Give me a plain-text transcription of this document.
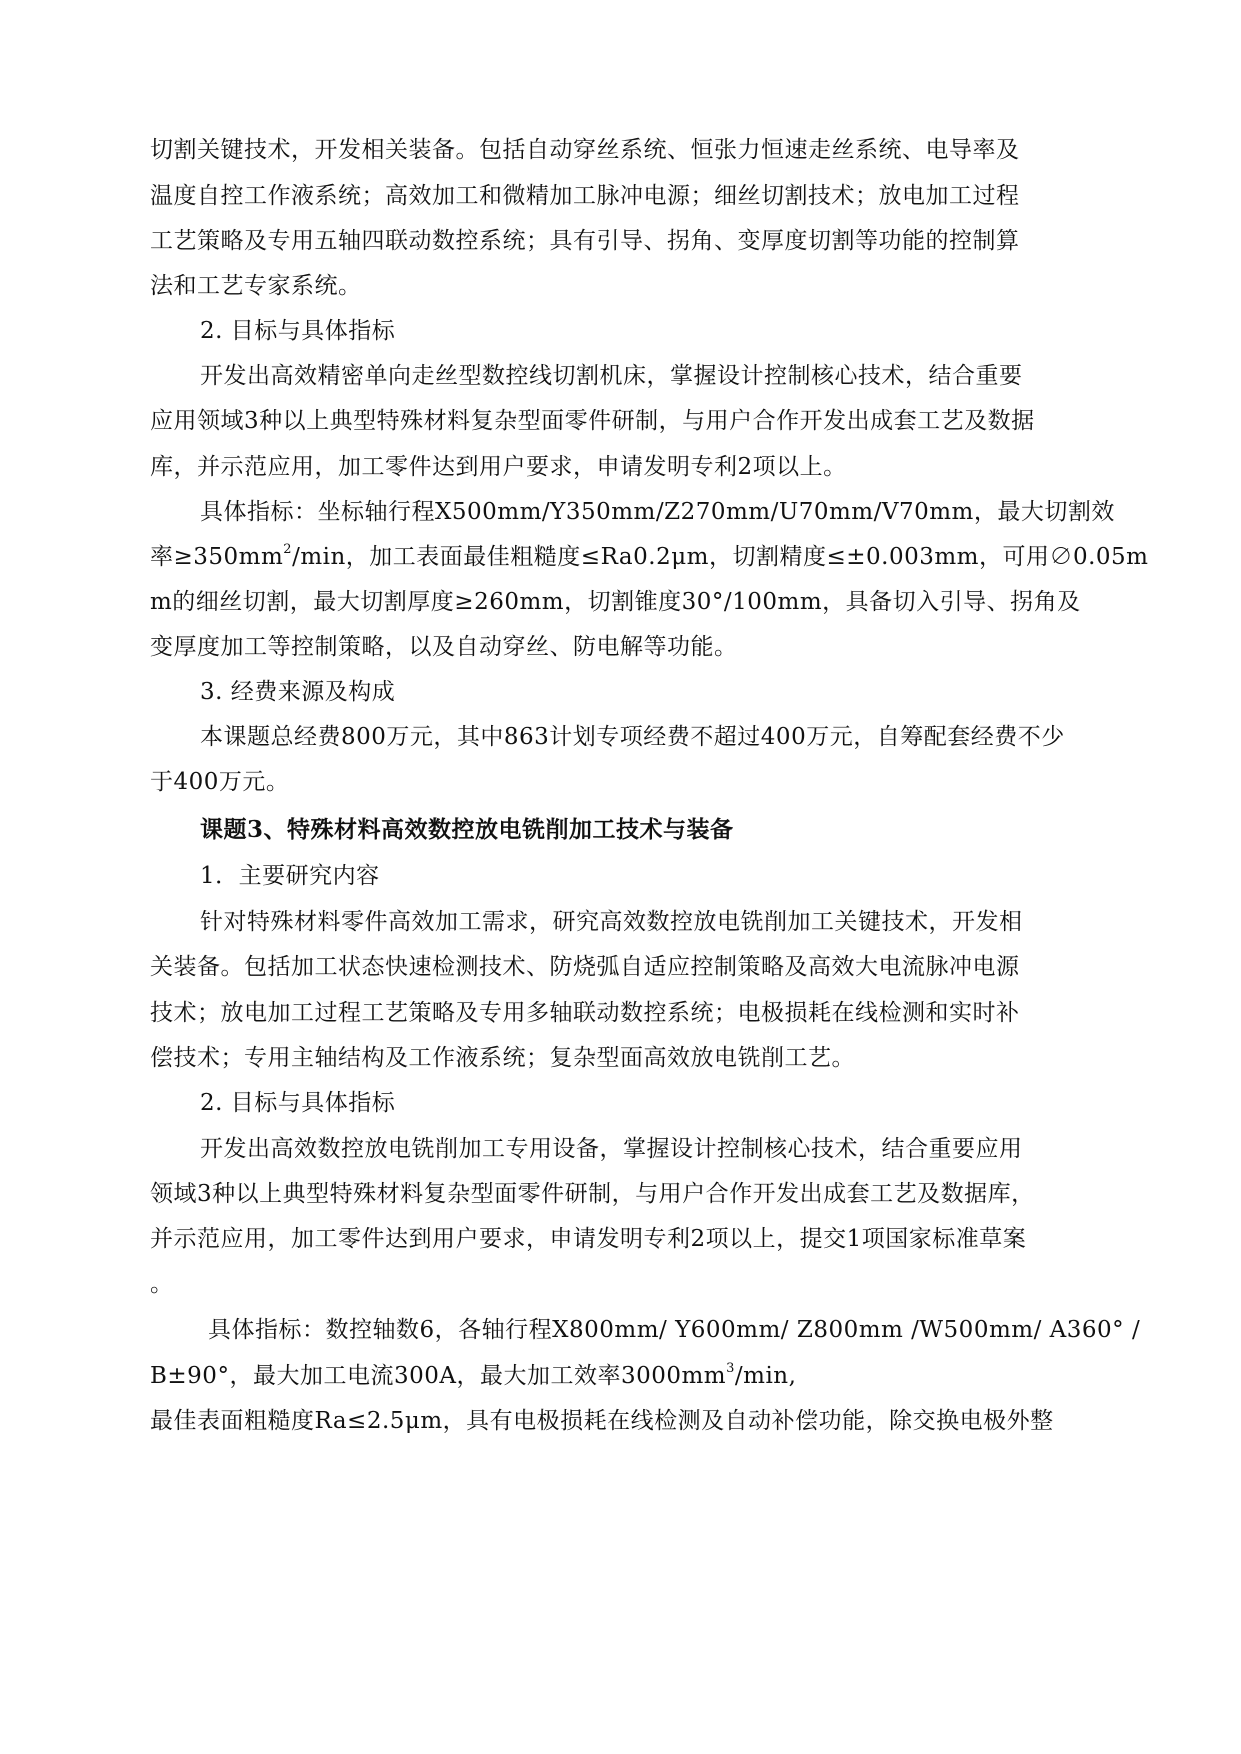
切割关键技术，开发相关装备。包括自动穿丝系统、恒张力恒速走丝系统、电导率及

温度自控工作液系统；高效加工和微精加工脉冲电源；细丝切割技术；放电加工过程

工艺策略及专用五轴四联动数控系统；具有引导、拐角、变厚度切割等功能的控制算

法和工艺专家系统。

2. 目标与具体指标

开发出高效精密单向走丝型数控线切割机床，掌握设计控制核心技术，结合重要

应用领域3种以上典型特殊材料复杂型面零件研制，与用户合作开发出成套工艺及数据

库，并示范应用，加工零件达到用户要求，申请发明专利2项以上。

具体指标：坐标轴行程X500mm/Y350mm/Z270mm/U70mm/V70mm，最大切割效

率$\ge 350mm^2/\min$，加工表面最佳粗糙度≤Ra0.2μm，切割精度≤±0.003mm，可用∅0.05m

m的细丝切割，最大切割厚度≥260mm，切割锥度30°/100mm，具备切入引导、拐角及

变厚度加工等控制策略，以及自动穿丝、防电解等功能。

3. 经费来源及构成

本课题总经费800万元，其中863计划专项经费不超过400万元，自筹配套经费不少

于400万元。

课题3、特殊材料高效数控放电铣削加工技术与装备

1．主要研究内容

针对特殊材料零件高效加工需求，研究高效数控放电铣削加工关键技术，开发相

关装备。包括加工状态快速检测技术、防烧弧自适应控制策略及高效大电流脉冲电源

技术；放电加工过程工艺策略及专用多轴联动数控系统；电极损耗在线检测和实时补

偿技术；专用主轴结构及工作液系统；复杂型面高效放电铣削工艺。

2. 目标与具体指标

开发出高效数控放电铣削加工专用设备，掌握设计控制核心技术，结合重要应用

领域3种以上典型特殊材料复杂型面零件研制，与用户合作开发出成套工艺及数据库，

并示范应用，加工零件达到用户要求，申请发明专利2项以上，提交1项国家标准草案

。

具体指标：数控轴数6，各轴行程X800mm/ Y600mm/ Z800mm /W500mm/ A360° /

B±90°，最大加工电流300A，最大加工效率$3000mm^3/\min$,

最佳表面粗糙度Ra≤2.5μm，具有电极损耗在线检测及自动补偿功能，除交换电极外整
